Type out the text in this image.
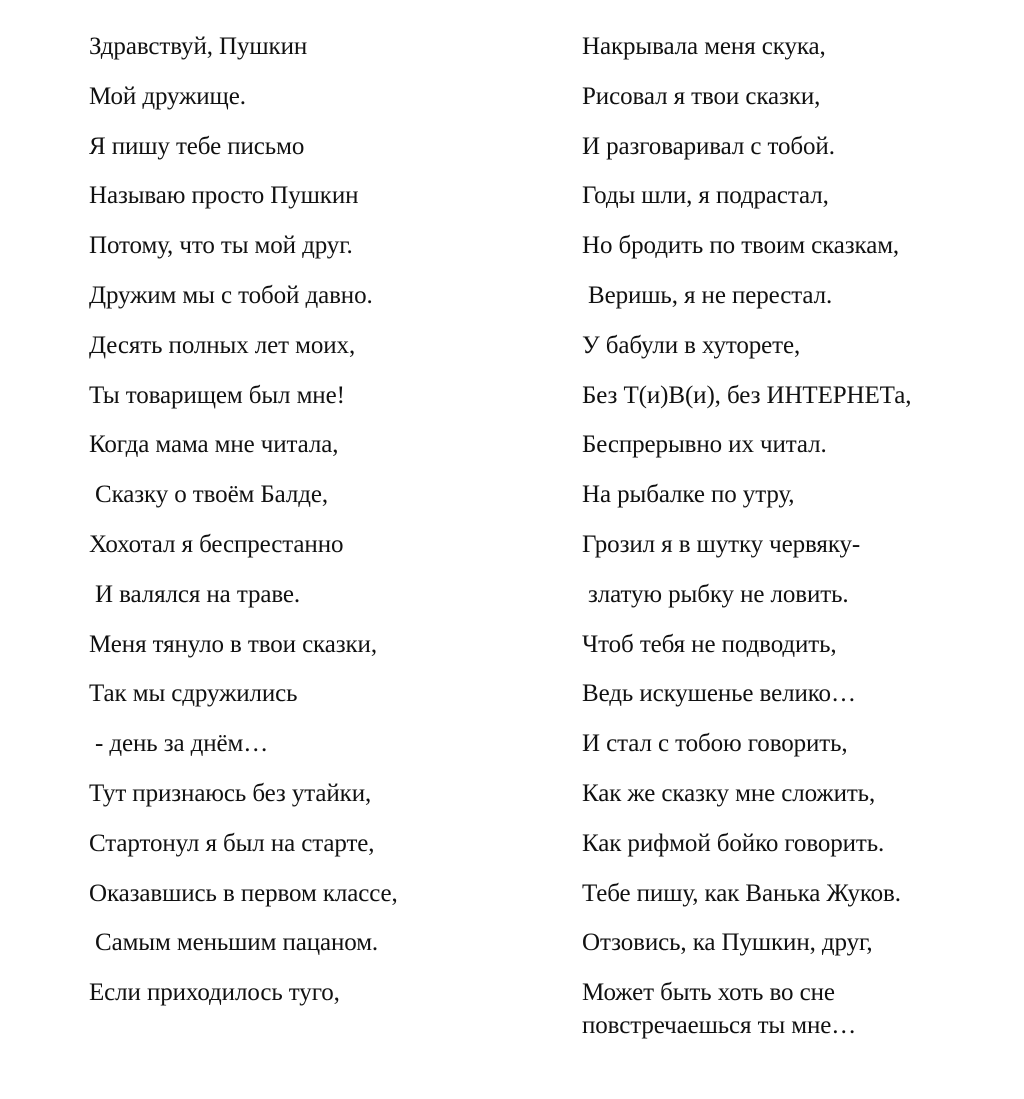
Здравствуй, Пушкин
Мой дружище.
Я пишу тебе письмо
Называю просто Пушкин
Потому, что ты мой друг.
Дружим мы с тобой давно.
Десять полных лет моих,
Ты товарищем был мне!
Когда мама мне читала,
Сказку о твоём Балде,
Хохотал я беспрестанно
И валялся на траве.
Меня тянуло в твои сказки,
Так мы сдружились
- день за днём…
Тут признаюсь без утайки,
Стартонул я был на старте,
Оказавшись в первом классе,
Самым меньшим пацаном.
Если приходилось туго,
Накрывала меня скука,
Рисовал я твои сказки,
И разговаривал с тобой.
Годы шли, я подрастал,
Но бродить по твоим сказкам,
Веришь, я не перестал.
У бабули в хуторете,
Без Т(и)В(и), без ИНТЕРНЕТа,
Беспрерывно их читал.
На рыбалке по утру,
Грозил я в шутку червяку-
златую рыбку не ловить.
Чтоб тебя не подводить,
Ведь искушенье велико…
И стал с тобою говорить,
Как же сказку мне сложить,
Как рифмой бойко говорить.
Тебе пишу, как Ванька Жуков.
Отзовись, ка Пушкин, друг,
Может быть хоть во сне
повстречаешься ты мне…
